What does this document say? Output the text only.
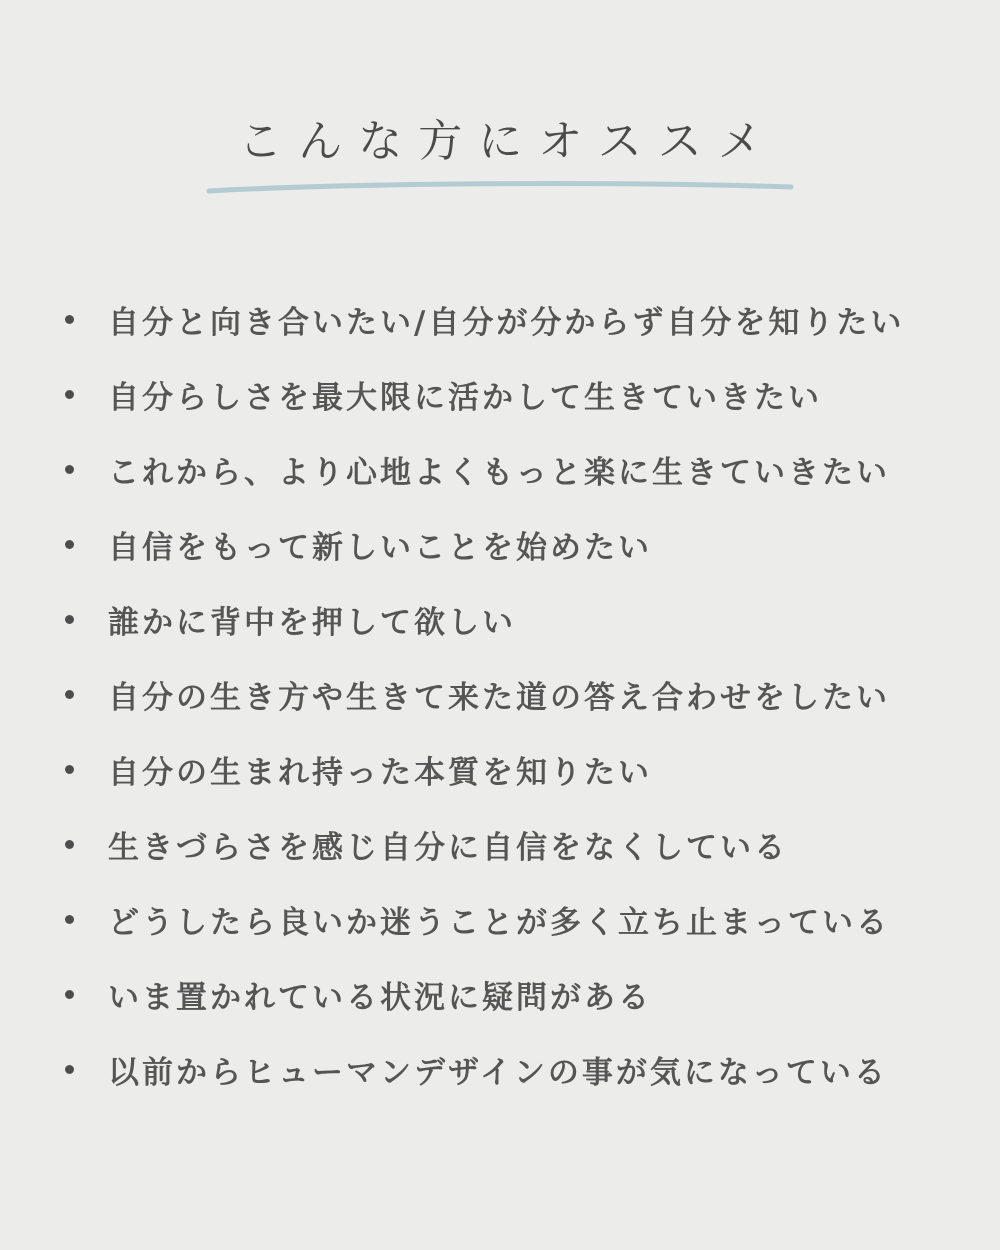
こんな方にオススメ
自分と向き合いたい/自分が分からず自分を知りたい
自分らしさを最大限に活かして生きていきたい
これから、より心地よくもっと楽に生きていきたい
自信をもって新しいことを始めたい
誰かに背中を押して欲しい
自分の生き方や生きて来た道の答え合わせをしたい
自分の生まれ持った本質を知りたい
生きづらさを感じ自分に自信をなくしている
どうしたら良いか迷うことが多く立ち止まっている
いま置かれている状況に疑問がある
以前からヒューマンデザインの事が気になっている
